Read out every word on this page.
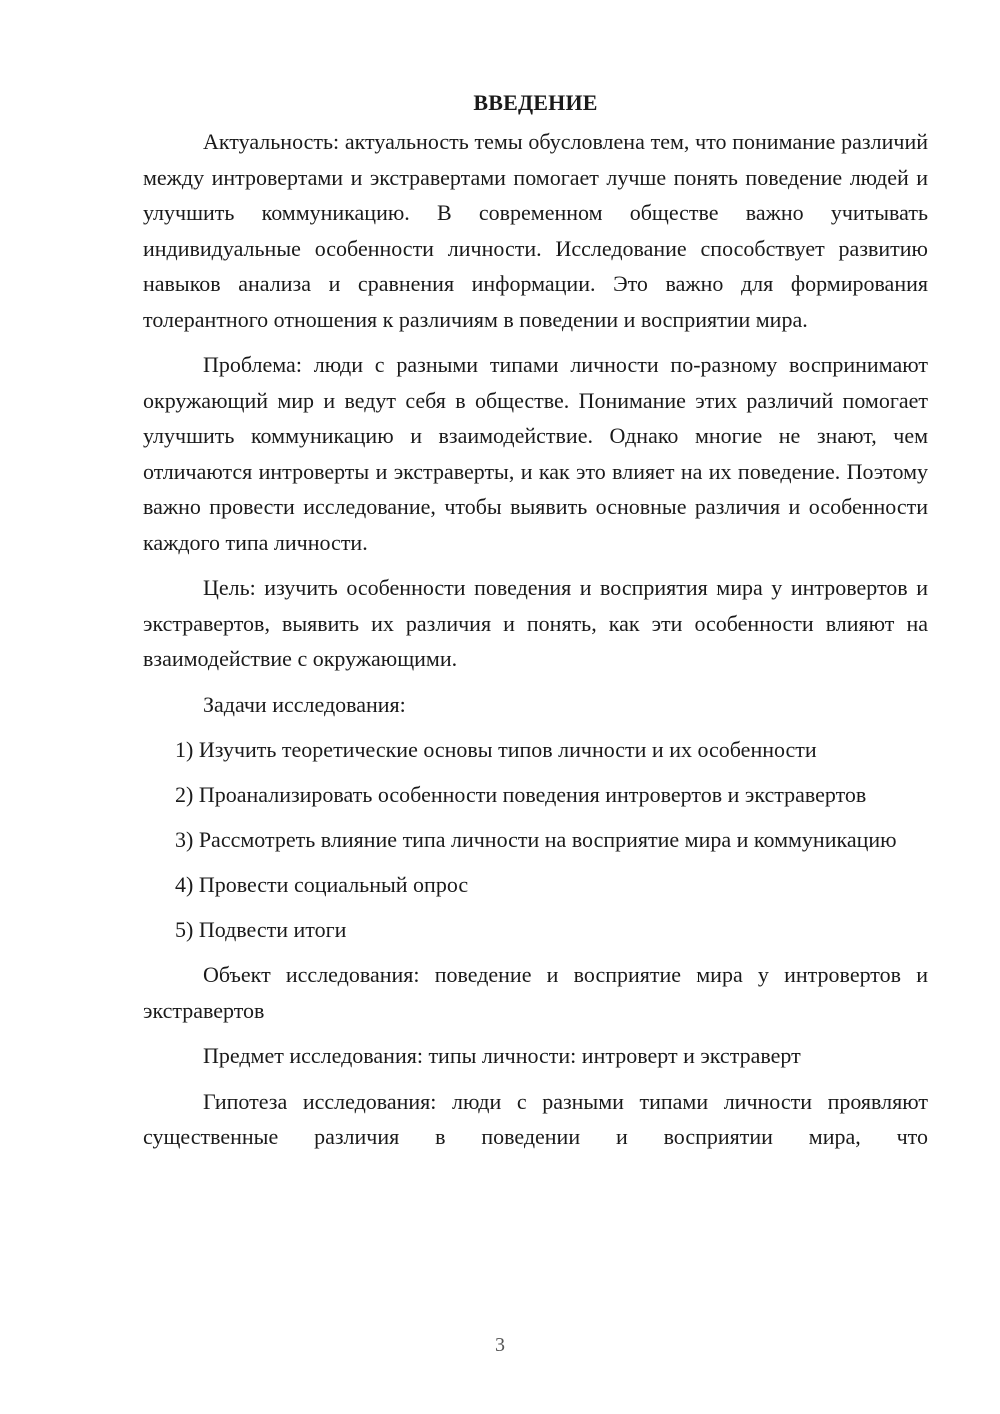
ВВЕДЕНИЕ

Актуальность: актуальность темы обусловлена тем, что понимание различий между интровертами и экстравертами помогает лучше понять поведение людей и улучшить коммуникацию. В современном обществе важно учитывать индивидуальные особенности личности. Исследование способствует развитию навыков анализа и сравнения информации. Это важно для формирования толерантного отношения к различиям в поведении и восприятии мира.

Проблема: люди с разными типами личности по-разному воспринимают окружающий мир и ведут себя в обществе. Понимание этих различий помогает улучшить коммуникацию и взаимодействие. Однако многие не знают, чем отличаются интроверты и экстраверты, и как это влияет на их поведение. Поэтому важно провести исследование, чтобы выявить основные различия и особенности каждого типа личности.

Цель: изучить особенности поведения и восприятия мира у интровертов и экстравертов, выявить их различия и понять, как эти особенности влияют на взаимодействие с окружающими.

Задачи исследования:

1) Изучить теоретические основы типов личности и их особенности

2) Проанализировать особенности поведения интровертов и экстравертов

3) Рассмотреть влияние типа личности на восприятие мира и коммуникацию

4) Провести социальный опрос

5) Подвести итоги

Объект исследования: поведение и восприятие мира у интровертов и экстравертов

Предмет исследования: типы личности: интроверт и экстраверт

Гипотеза исследования: люди с разными типами личности проявляют существенные различия в поведении и восприятии мира, что

3
